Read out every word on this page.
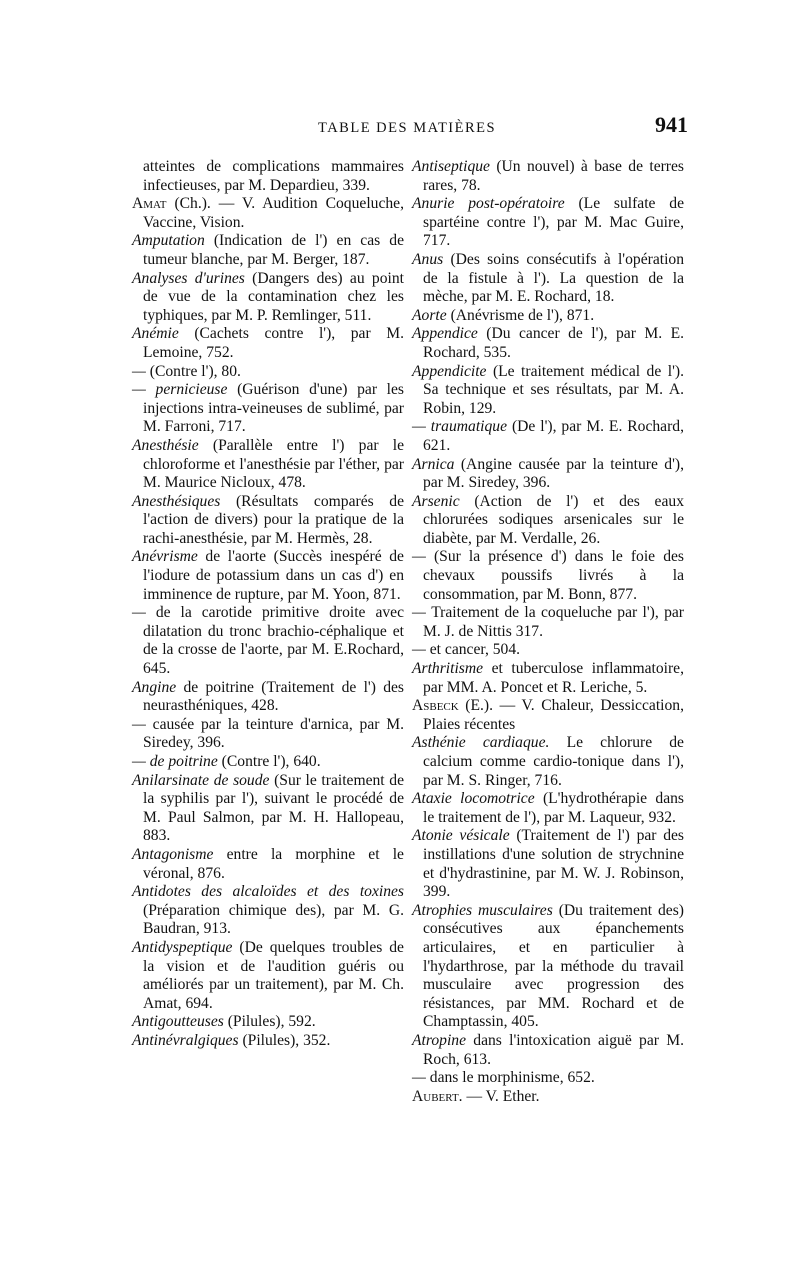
TABLE DES MATIÈRES	941

atteintes de complications mammaires infectieuses, par M. Depardieu, 339.

Amat (Ch.). — V. Audition Coqueluche, Vaccine, Vision.

Amputation (Indication de l') en cas de tumeur blanche, par M. Berger, 187.

Analyses d'urines (Dangers des) au point de vue de la contamination chez les typhiques, par M. P. Remlinger, 511.

Anémie (Cachets contre l'), par M. Lemoine, 752.

— (Contre l'), 80.

— pernicieuse (Guérison d'une) par les injections intra-veineuses de sublimé, par M. Farroni, 717.

Anesthésie (Parallèle entre l') par le chloroforme et l'anesthésie par l'éther, par M. Maurice Nicloux, 478.

Anesthésiques (Résultats comparés de l'action de divers) pour la pratique de la rachi-anesthésie, par M. Hermès, 28.

Anévrisme de l'aorte (Succès inespéré de l'iodure de potassium dans un cas d') en imminence de rupture, par M. Yoon, 871.

— de la carotide primitive droite avec dilatation du tronc brachio-céphalique et de la crosse de l'aorte, par M. E.Rochard, 645.

Angine de poitrine (Traitement de l') des neurasthéniques, 428.

— causée par la teinture d'arnica, par M. Siredey, 396.

— de poitrine (Contre l'), 640.

Anilarsinate de soude (Sur le traitement de la syphilis par l'), suivant le procédé de M. Paul Salmon, par M. H. Hallopeau, 883.

Antagonisme entre la morphine et le véronal, 876.

Antidotes des alcaloïdes et des toxines (Préparation chimique des), par M. G. Baudran, 913.

Antidyspeptique (De quelques troubles de la vision et de l'audition guéris ou améliorés par un traitement), par M. Ch. Amat, 694.

Antigoutteuses (Pilules), 592.

Antinévralgiques (Pilules), 352.

Antiseptique (Un nouvel) à base de terres rares, 78.

Anurie post-opératoire (Le sulfate de spartéine contre l'), par M. Mac Guire, 717.

Anus (Des soins consécutifs à l'opération de la fistule à l'). La question de la mèche, par M. E. Rochard, 18.

Aorte (Anévrisme de l'), 871.

Appendice (Du cancer de l'), par M. E. Rochard, 535.

Appendicite (Le traitement médical de l'). Sa technique et ses résultats, par M. A. Robin, 129.

— traumatique (De l'), par M. E. Rochard, 621.

Arnica (Angine causée par la teinture d'), par M. Siredey, 396.

Arsenic (Action de l') et des eaux chlorurées sodiques arsenicales sur le diabète, par M. Verdalle, 26.

— (Sur la présence d') dans le foie des chevaux poussifs livrés à la consommation, par M. Bonn, 877.

— Traitement de la coqueluche par l'), par M. J. de Nittis 317.

— et cancer, 504.

Arthritisme et tuberculose inflammatoire, par MM. A. Poncet et R. Leriche, 5.

Asbeck (E.). — V. Chaleur, Dessiccation, Plaies récentes

Asthénie cardiaque. Le chlorure de calcium comme cardio-tonique dans l'), par M. S. Ringer, 716.

Ataxie locomotrice (L'hydrothérapie dans le traitement de l'), par M. Laqueur, 932.

Atonie vésicale (Traitement de l') par des instillations d'une solution de strychnine et d'hydrastinine, par M. W. J. Robinson, 399.

Atrophies musculaires (Du traitement des) consécutives aux épanchements articulaires, et en particulier à l'hydarthrose, par la méthode du travail musculaire avec progression des résistances, par MM. Rochard et de Champtassin, 405.

Atropine dans l'intoxication aiguë par M. Roch, 613.

— dans le morphinisme, 652.

Aubert. — V. Ether.
